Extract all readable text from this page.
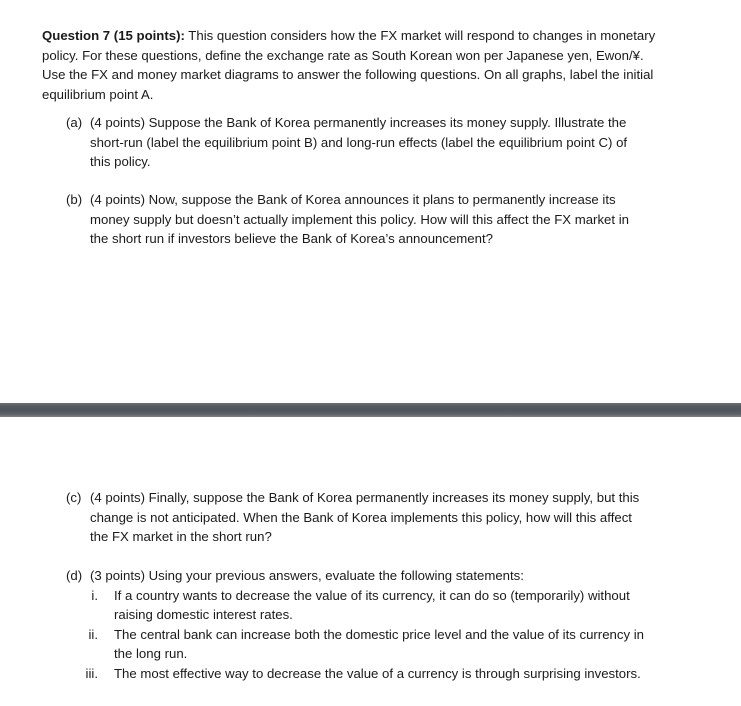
Question 7 (15 points): This question considers how the FX market will respond to changes in monetary
policy. For these questions, define the exchange rate as South Korean won per Japanese yen, Ewon/¥.
Use the FX and money market diagrams to answer the following questions. On all graphs, label the initial
equilibrium point A.
(a) (4 points) Suppose the Bank of Korea permanently increases its money supply. Illustrate the
short-run (label the equilibrium point B) and long-run effects (label the equilibrium point C) of
this policy.
(b) (4 points) Now, suppose the Bank of Korea announces it plans to permanently increase its
money supply but doesn’t actually implement this policy. How will this affect the FX market in
the short run if investors believe the Bank of Korea’s announcement?
(c) (4 points) Finally, suppose the Bank of Korea permanently increases its money supply, but this
change is not anticipated. When the Bank of Korea implements this policy, how will this affect
the FX market in the short run?
(d) (3 points) Using your previous answers, evaluate the following statements:
i.	If a country wants to decrease the value of its currency, it can do so (temporarily) without
raising domestic interest rates.
ii.	The central bank can increase both the domestic price level and the value of its currency in
the long run.
iii.	The most effective way to decrease the value of a currency is through surprising investors.
